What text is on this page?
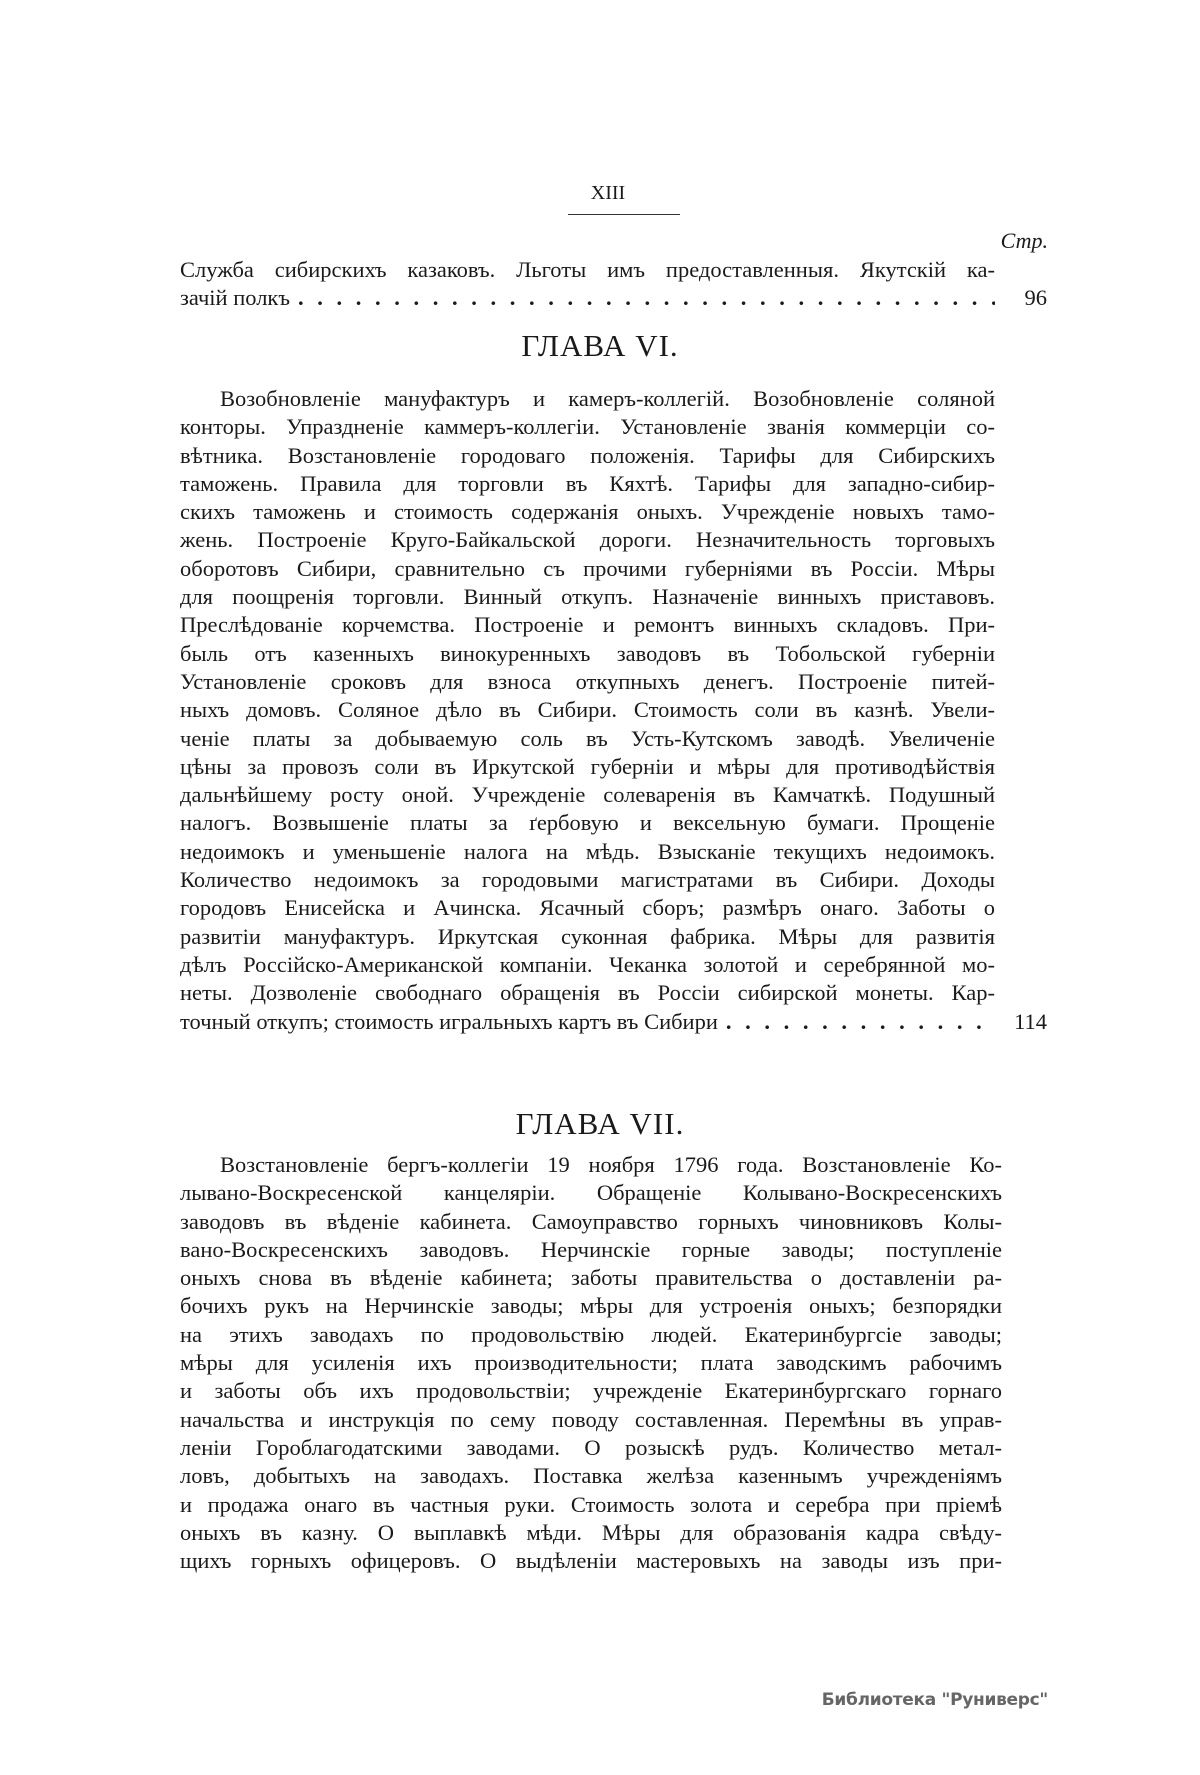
XIII
Стр.
Служба сибирскихъ казаковъ. Льготы имъ предоставленныя. Якутскій ка-
зачій полкъ . . .	96
ГЛАВА VI.
Возобновленіе мануфактуръ и камеръ-коллегій. Возобновленіе соляной
конторы. Упраздненіе каммеръ-коллегіи. Установленіе званія коммерціи со-
вѣтника. Возстановленіе городоваго положенія. Тарифы для Сибирскихъ
таможень. Правила для торговли въ Кяхтѣ. Тарифы для западно-сибир-
скихъ таможень и стоимость содержанія оныхъ. Учрежденіе новыхъ тамо-
жень. Построеніе Круго-Байкальской дороги. Незначительность торговыхъ
оборотовъ Сибири, сравнительно съ прочими губерніями въ Россіи. Мѣры
для поощренія торговли. Винный откупъ. Назначеніе винныхъ приставовъ.
Преслѣдованіе корчемства. Построеніе и ремонтъ винныхъ складовъ. При-
быль отъ казенныхъ винокуренныхъ заводовъ въ Тобольской губерніи
Установленіе сроковъ для взноса откупныхъ денегъ. Построеніе питей-
ныхъ домовъ. Соляное дѣло въ Сибири. Стоимость соли въ казнѣ. Увели-
ченіе платы за добываемую соль въ Усть-Кутскомъ заводѣ. Увеличеніе
цѣны за провозъ соли въ Иркутской губерніи и мѣры для противодѣйствія
дальнѣйшему росту оной. Учрежденіе солеваренія въ Камчаткѣ. Подушный
налогъ. Возвышеніе платы за ґербовую и вексельную бумаги. Прощеніе
недоимокъ и уменьшеніе налога на мѣдь. Взысканіе текущихъ недоимокъ.
Количество недоимокъ за городовыми магистратами въ Сибири. Доходы
городовъ Енисейска и Ачинска. Ясачный сборъ; размѣръ онаго. Заботы о
развитіи мануфактуръ. Иркутская суконная фабрика. Мѣры для развитія
дѣлъ Россійско-Американской компаніи. Чеканка золотой и серебрянной мо-
неты. Дозволеніе свободнаго обращенія въ Россіи сибирской монеты. Кар-
точный откупъ; стоимость игральныхъ картъ въ Сибири . . .	114
ГЛАВА VII.
Возстановленіе бергъ-коллегіи 19 ноября 1796 года. Возстановленіе Ко-
лывано-Воскресенской канцеляріи. Обращеніе Колывано-Воскресенскихъ
заводовъ въ вѣденіе кабинета. Самоуправство горныхъ чиновниковъ Колы-
вано-Воскресенскихъ заводовъ. Нерчинскіе горные заводы; поступленіе
оныхъ снова въ вѣденіе кабинета; заботы правительства о доставленіи ра-
бочихъ рукъ на Нерчинскіе заводы; мѣры для устроенія оныхъ; безпорядки
на этихъ заводахъ по продовольствію людей. Екатеринбургсіе заводы;
мѣры для усиленія ихъ производительности; плата заводскимъ рабочимъ
и заботы объ ихъ продовольствіи; учрежденіе Екатеринбургскаго горнаго
начальства и инструкція по сему поводу составленная. Перемѣны въ управ-
леніи Гороблагодатскими заводами. О розыскѣ рудъ. Количество метал-
ловъ, добытыхъ на заводахъ. Поставка желѣза казеннымъ учрежденіямъ
и продажа онаго въ частныя руки. Стоимость золота и серебра при пріемѣ
оныхъ въ казну. О выплавкѣ мѣди. Мѣры для образованія кадра свѣду-
щихъ горныхъ офицеровъ. О выдѣленіи мастеровыхъ на заводы изъ при-
Библиотека "Руниверс"
